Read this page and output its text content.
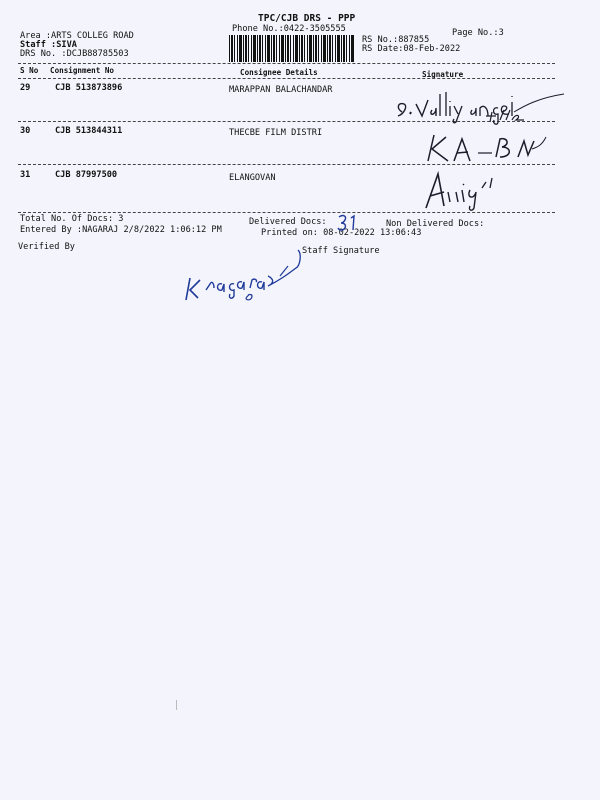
TPC/CJB DRS - PPP
Phone No.:0422-3505555	Page No.:3
Area :ARTS COLLEG ROAD
Staff :SIVA
DRS No. :DCJB88785503
RS No.:887855
RS Date:08-Feb-2022
S No Consignment No	Consignee Details	Signature
29	CJB 513873896	MARAPPAN BALACHANDAR
30	CJB 513844311	THECBE FILM DISTRI
31	CJB 87997500	ELANGOVAN
Total No. Of Docs: 3	Delivered Docs:	Non Delivered Docs:
Entered By :NAGARAJ 2/8/2022 1:06:12 PM	Printed on: 08-02-2022 13:06:43
Verified By	Staff Signature
